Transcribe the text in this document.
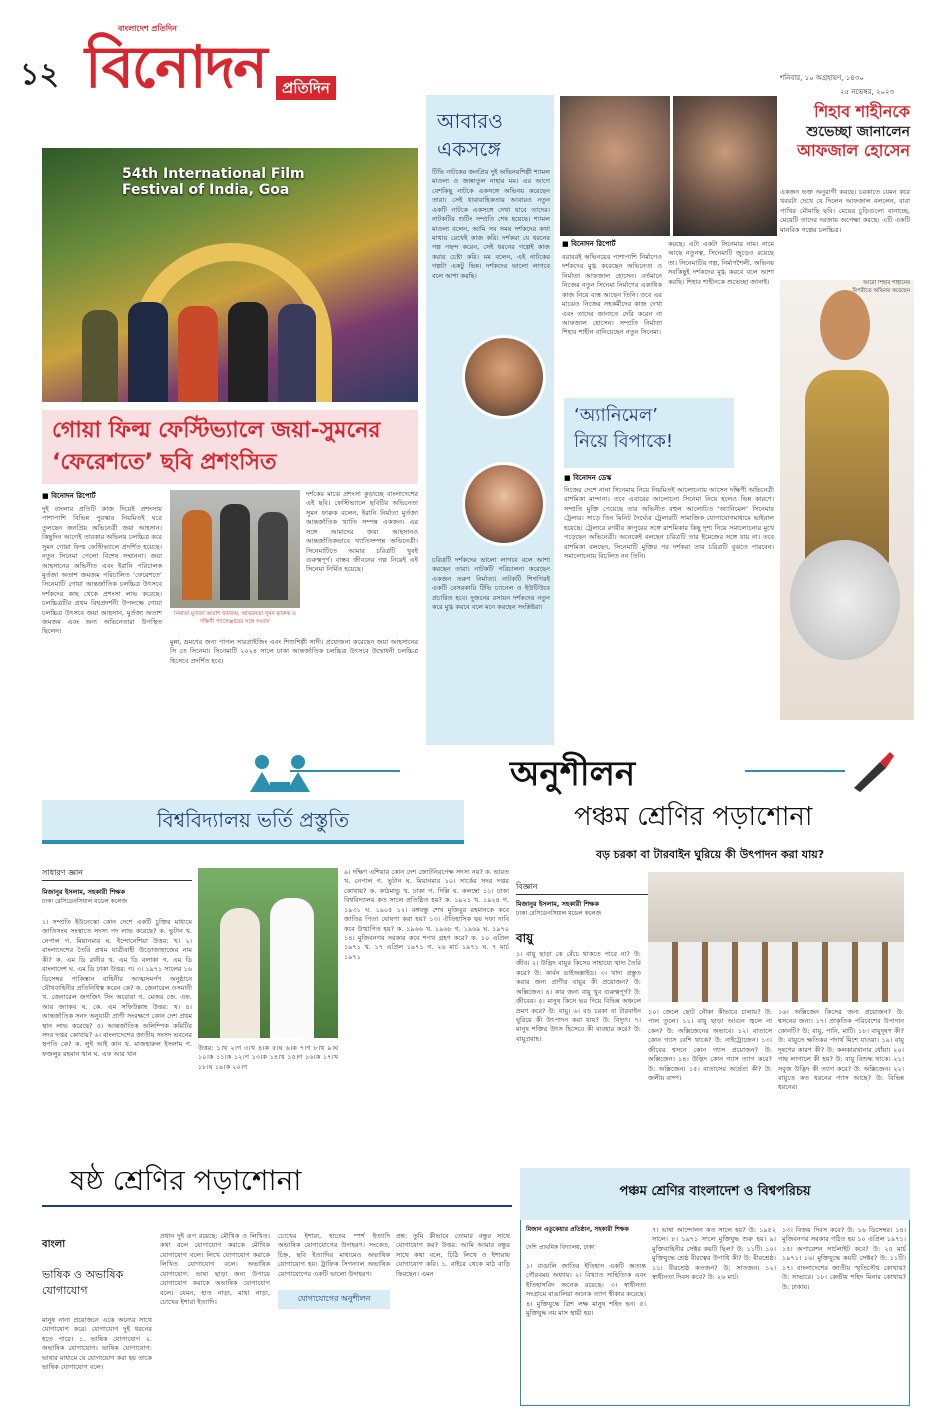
১২
বাংলাদেশ প্রতিদিন
বিনোদন	প্রতিদিন
শনিবার, ১০ অগ্রহায়ণ, ১৪৩০
২৫ নভেম্বর, ২০২৩
54th International Film Festival of India, Goa
গোয়া ফিল্ম ফেস্টিভ্যালে জয়া-সুমনের
‘ফেরেশতে’ ছবি প্রশংসিত
■ বিনোদন রিপোর্ট
দুই বাংলার প্রতিটি কাজ দিয়েই প্রশংসায় পাশাপাশি বিভিন্ন পুরস্কার নিয়মিতই ঘরে তুলছেন জনপ্রিয় অভিনেত্রী জয়া আহসান। কিছুদিন আগেই তারকার অভিনয় চলচ্চিত্র করে সুমন গোয়া ফিল্ম ফেস্টিভ্যালে প্রদর্শিত হয়েছে। নতুন সিনেমা পেলো বিশেষ সম্মাননা। জয়া আহসানের অভিনীত এবং ইরানি পরিচালক মুর্তজা অতাশ জমজম পরিচালিত ‘ফেরেশতে’ সিনেমাটি গোয়া আন্তর্জাতিক চলচ্চিত্র উৎসবে দর্শকদের কাছ থেকে প্রশংসা লাভ করেছে। চলচ্চিত্রটির প্রথম বিশ্বপ্রদর্শনী উপলক্ষে গোয়া চলচ্চিত্র উৎসবে জয়া আহসান, মুর্তজা অতাশ জমজম এবং অন্য অভিনেতারা উপস্থিত ছিলেন।
নির্মাতা মুর্তজা অতাশ জমজম, অভিনেতা সুমন ফারুক ও দক্ষিণী প্যাসেঞ্জারের সঙ্গে সংবাদ
দর্শকের মাঝে প্রশংসা কুড়াচ্ছে বাংলাদেশের এই ছবি। ফেস্টিভ্যালে ছবিটির অভিনেতা সুমন ফারুক বলেন, ইরানি নির্মাতা মুর্তজা আন্তর্জাতিক খ্যাতি সম্পন্ন একজন। এর সঙ্গে আমাদের জয়া আহসানও আন্তর্জাতিকভাবে খ্যাতিসম্পন্ন অভিনেত্রী। সিনেমাটিতে আমার চরিত্রটি খুবই গুরুত্বপূর্ণ। বাস্তব জীবনের গল্প নিয়েই এই সিনেমা নির্মিত হয়েছে।
মুন্না, ভ্রমণের জন্য পাগল সারপ্রাইজিং এবং শিশুশিল্পী সাদী। প্রযোজনা করেছেন জয়া আহসানের সি তে সিনেমা। সিনেমাটি ২০২৪ সালে ঢাকা আন্তর্জাতিক চলচ্চিত্র উৎসবে উদ্বোধনী চলচ্চিত্র হিসেবে প্রদর্শিত হবে।
আবারও
একসঙ্গে
টিভি নাটকের জনপ্রিয় দুই অভিনয়শিল্পী শ্যামল মাওলা ও জান্নাতুল নাহার মম। এর আগে বেশকিছু নাটকে একসঙ্গে অভিনয় করেছেন তারা। সেই ধারাবাহিকতায় আবারও নতুন একটি নাটকে একসঙ্গে দেখা যাবে তাদের। নাটকটির শুটিং সম্প্রতি শেষ হয়েছে। শ্যামল মাওলা বলেন, আমি সব সময় দর্শকদের কথা মাথায় রেখেই কাজ করি। দর্শকরা যে ধরনের গল্প পছন্দ করেন, সেই ধরনের গল্পেই কাজ করার চেষ্টা করি। মম বলেন, এই নাটকের গল্পটা একটু ভিন্ন। দর্শকদের ভালো লাগবে বলে আশা করছি।
চরিত্রটি দর্শকদের ভালো লাগবে বলে আশা করছেন তারা। নাটকটি পরিচালনা করেছেন একজন তরুণ নির্মাতা। নাটকটি শিগগিরই একটি বেসরকারি টিভি চ্যানেল ও ইউটিউবে প্রচারিত হবে। দুজনের রসায়ন দর্শকদের নতুন করে মুগ্ধ করবে বলে মনে করছেন সংশ্লিষ্টরা।
শিহাব শাহীনকে
শুভেচ্ছা জানালেন
আফজাল হোসেন
■ বিনোদন রিপোর্ট
বরাবরই অভিনয়ের পাশাপাশি নির্মাণেও দর্শকদের মুগ্ধ করেছেন অভিনেতা ও নির্মাতা আফজাল হোসেন। বর্তমানে নিজের নতুন সিনেমা নির্মাণের একাধিক কাজ নিয়ে ব্যস্ত আছেন তিনি। তবে এর মাঝেও নিজের সহকর্মীদের কাজ দেখা এবং তাদের জানাতে দেরি করেন না আফজাল হোসেন। সম্প্রতি নির্মাতা শিহাব শাহীন বানিয়েছেন নতুন সিনেমা।
করছে। এটা একটা সিনেমার নাম। নামে আছে নতুনত্ব, সিনেমাটি জুড়েও রয়েছে তা। সিনেমাটির গল্প, নির্মাণশৈলী, অভিনয় সবকিছুই দর্শকদের মুগ্ধ করবে বলে আশা করছি। শিহাব শাহীনকে শুভেচ্ছা জানাই।
একজন ভক্ত অনুরাগী করছে। চরকাতে যেমন করে খবরটা দেখে যে দিলেন আফজাল বললেন, বাবা পাখির মৌমাছি ছবি। মেয়ের চুড়িগুলো বানাচ্ছে, মেয়েটি তাদের দরজায় অপেক্ষা করছে। এটি একটি মানবিক গল্পের চলচ্চিত্র।
আরো শিহাব শাহীনের বিপরীতে অভিনয় করেছেন
‘অ্যানিমেল’
নিয়ে বিপাকে!
■ বিনোদন ডেস্ক
নিজের দেশে নানা সিনেমায় নিয়ে নিয়মিতই আলোচনায় আসেন দক্ষিণী অভিনেত্রী রাশমিকা মান্দানা। তবে এবারের আলোচনা সিনেমা নিয়ে হলেও ভিন্ন কারণে। সম্প্রতি মুক্তি পেয়েছে তার অভিনীত বহুল আলোচিত ‘অ্যানিমেল’ সিনেমার ট্রেলার। সাড়ে তিন মিনিট দৈর্ঘ্যের ট্রেলারটি সামাজিক যোগাযোগমাধ্যমে ভাইরাল হয়েছে। ট্রেলারে রণবীর কাপুরের সঙ্গে রাশমিকার কিছু দৃশ্য নিয়ে সমালোচনার মুখে পড়েছেন অভিনেত্রী। অনেকেই বলছেন চরিত্রটি তার ইমেজের সঙ্গে যায় না। তবে রাশমিকা বলছেন, সিনেমাটি মুক্তির পর দর্শকরা তার চরিত্রটি বুঝতে পারবেন। সমালোচনায় বিচলিত নন তিনি।
অনুশীলন
বিশ্ববিদ্যালয় ভর্তি প্রস্তুতি
সাধারণ জ্ঞান
মিজানুর ইসলাম, সহকারী শিক্ষক
ঢাকা রেসিডেনসিয়াল মডেল কলেজ
১। সম্প্রতি ইউনেস্কো কোন দেশে একটি চুক্তির মাধ্যমে জাতিসংঘ সংস্থাতে সদস্য পদ লাভ করেছে? ক. ভুটান খ. নেপাল গ. মিয়ানমার ঘ. ইন্দোনেশিয়া উত্তর: খ। ২। বাংলাদেশের তৈরি প্রথম যাত্রীবাহী উড়োজাহাজের নাম কী? ক. এম ডি রানীর খ. এম ডি বলাকা গ. এম ডি বাংলাদেশ ঘ. এম ডি ঢাকা উত্তর: গ। ৩। ১৯৭১ সালের ১৬ ডিসেম্বর পাকিস্তান বাহিনীর আত্মসমর্পণ অনুষ্ঠানে যৌথবাহিনীর প্রতিনিধিত্ব করেন কে? ক. জেনারেল ওসমানী খ. জেনারেল জগজিৎ সিং অরোরা গ. মেজর জে. এফ. আর জ্যাকব ঘ. কে. এম সফিউল্লাহ উত্তর: খ। ৪। আন্তর্জাতিক সনদ অনুযায়ী প্রাণী সংরক্ষণে কোন দেশ প্রথম স্থান লাভ করেছে? ৫। আন্তর্জাতিক অলিম্পিক কমিটির সদর দপ্তর কোথায়? ৬। বাংলাদেশের জাতীয় সংসদ ভবনের স্থপতি কে? ক. লুই আই কান খ. মাজহারুল ইসলাম গ. ফজলুর রহমান খান ঘ. এফ আর খান
৯। দক্ষিণ এশিয়ার কোন দেশ জোটনিরপেক্ষ সদস্য নয়? ক. ভারত খ. নেপাল গ. ভুটান ঘ. মিয়ানমার ১০। সার্কের সদর দপ্তর কোথায়? ক. কাঠমান্ডু খ. ঢাকা গ. দিল্লি ঘ. কলম্বো ১১। ঢাকা বিশ্ববিদ্যালয় কত সালে প্রতিষ্ঠিত হয়? ক. ১৯২১ খ. ১৯২৪ গ. ১৯৩১ ঘ. ১৯০৫ ১২। বঙ্গবন্ধু শেখ মুজিবুর রহমানকে কবে জাতির পিতা ঘোষণা করা হয়? ১৩। ঐতিহাসিক ছয় দফা দাবি কবে উত্থাপিত হয়? ক. ১৯৬৬ খ. ১৯৬৮ গ. ১৯৬৯ ঘ. ১৯৭০ ১৪। মুজিবনগর সরকার কবে শপথ গ্রহণ করে? ক. ১০ এপ্রিল ১৯৭১ খ. ১৭ এপ্রিল ১৯৭১ গ. ২৬ মার্চ ১৯৭১ ঘ. ৭ মার্চ ১৯৭১
উত্তর: ১।খ ২।গ ৩।খ ৪।ক ৫।ঘ ৬।ক ৭।গ ৮।খ ৯।ঘ ১০।ক ১১।ক ১২।গ ১৩।ক ১৪।খ ১৫।গ ১৬।ক ১৭।খ ১৮।ঘ ১৯।ক ২০।গ
পঞ্চম শ্রেণির পড়াশোনা
বড় চরকা বা টারবাইন ঘুরিয়ে কী উৎপাদন করা যায়?
বিজ্ঞান
মিজানুর ইসলাম, সহকারী শিক্ষক
ঢাকা রেসিডেনসিয়াল মডেল কলেজ
বায়ু
১। বায়ু ছাড়া কে বেঁচে থাকতে পারে না? উ: জীব। ২। উদ্ভিদ বায়ুর কিসের সাহায্যে খাদ্য তৈরি করে? উ: কার্বন ডাইঅক্সাইড। ৩। খাদ্য প্রস্তুত করার জন্য প্রাণীর বায়ুর কী প্রয়োজন? উ: অক্সিজেন। ৪। কার জন্য বায়ু খুব গুরুত্বপূর্ণ? উ: জীবের। ৫। মানুষ কিসে ভর দিয়ে বিভিন্ন অঞ্চলে ভ্রমণ করে? উ: বায়ু। ৬। বড় চরকা বা টারবাইন ঘুরিয়ে কী উৎপাদন করা যায়? উ: বিদ্যুৎ। ৭। মানুষ শক্তির উৎস হিসেবে কী ব্যবহার করে? উ: বায়ুপ্রবাহ।
১০। জেলে ছোট নৌকা কীভাবে চালায়? উ: পাল তুলে। ১১। বায়ু ছাড়া আগুন জ্বলে না কেন? উ: অক্সিজেনের অভাবে। ১২। বাতাসে কোন গ্যাস বেশি থাকে? উ: নাইট্রোজেন। ১৩। জীবের শ্বসনে কোন গ্যাস প্রয়োজন? উ: অক্সিজেন। ১৪। উদ্ভিদ কোন গ্যাস ত্যাগ করে? উ: অক্সিজেন। ১৫। বাতাসের আর্দ্রতা কী? উ: জলীয় বাষ্প।
১৬। অক্সিজেন কিসের জন্য প্রয়োজন? উ: শ্বসনের জন্য। ১৭। প্রাকৃতিক পরিবেশের উপাদান কোনটি? উ: বায়ু, পানি, মাটি। ১৮। বায়ুদূষণ কী? উ: বায়ুতে ক্ষতিকর পদার্থ মিশে যাওয়া। ১৯। বায়ু দূষণের কারণ কী? উ: কলকারখানার ধোঁয়া। ২০। গাছ লাগালে কী হয়? উ: বায়ু বিশুদ্ধ থাকে। ২১। সবুজ উদ্ভিদ কী ত্যাগ করে? উ: অক্সিজেন। ২২। বায়ুতে কত ধরনের গ্যাস আছে? উ: বিভিন্ন ধরনের।
ষষ্ঠ শ্রেণির পড়াশোনা
বাংলা
ভাষিক ও অভাষিক
যোগাযোগ
মানুষ নানা প্রয়োজনে একে অন্যের সাথে যোগাযোগ করে। যোগাযোগ দুই ধরনের হতে পারে। ১. ভাষিক যোগাযোগ ২. অভাষিক যোগাযোগ। ভাষিক যোগাযোগ: ভাষার মাধ্যমে যে যোগাযোগ করা হয় তাকে ভাষিক যোগাযোগ বলে।
প্রধান দুই রূপ রয়েছে: মৌখিক ও লিখিত। কথা বলে যোগাযোগ করাকে মৌখিক যোগাযোগ বলে। লিখে যোগাযোগ করাকে লিখিত যোগাযোগ বলে। অভাষিক যোগাযোগ: ভাষা ছাড়া অন্য উপায়ে যোগাযোগ করাকে অভাষিক যোগাযোগ বলে। যেমন, হাত নাড়া, মাথা নাড়া, চোখের ইশারা ইত্যাদি।
চোখের ইশারা, হাতের স্পর্শ ইত্যাদি অভাষিক যোগাযোগের উদাহরণ। সংকেত, চিহ্ন, ছবি ইত্যাদির মাধ্যমেও অভাষিক যোগাযোগ হয়। ট্রাফিক সিগন্যাল অভাষিক যোগাযোগের একটি ভালো উদাহরণ।
যোগাযোগের অনুশীলন
প্রশ্ন: তুমি কীভাবে তোমার বন্ধুর সাথে যোগাযোগ কর? উত্তর: আমি আমার বন্ধুর সাথে কথা বলে, চিঠি লিখে ও ইশারায় যোগাযোগ করি। ১. বাইরে থেকে মাঠ বাড়ি ফিরছেন। এমন
পঞ্চম শ্রেণির বাংলাদেশ ও বিশ্বপরিচয়
মিজান এডুকেয়ার প্রতিষ্ঠান, সহকারী শিক্ষক
দেশি প্রাথমিক বিদ্যালয়, ঢাকা
১। বাঙালি জাতির ইতিহাস একটি অত্যন্ত গৌরবময় অধ্যায়। ২। বিখ্যাত সাহিত্যিক এবং ইতিহাসবিদ অনেক রয়েছে। ৩। স্বাধীনতা সংগ্রামে বাঙালিরা অনেক ত্যাগ স্বীকার করেছে। ৪। মুক্তিযুদ্ধে ত্রিশ লক্ষ মানুষ শহিদ হন। ৫। মুক্তিযুদ্ধ নয় মাস স্থায়ী হয়।
৭। ভাষা আন্দোলন কত সালে হয়? উ: ১৯৫২ সালে। ৮। ১৯৭১ সালে মুক্তিযুদ্ধ শুরু হয়। ৯। মুক্তিবাহিনীর সেক্টর কয়টি ছিল? উ: ১১টি। ১০। মুক্তিযুদ্ধে শ্রেষ্ঠ বীরত্বের উপাধি কী? উ: বীরশ্রেষ্ঠ। ১১। বীরশ্রেষ্ঠ কতজন? উ: সাতজন। ১২। স্বাধীনতা দিবস কবে? উ: ২৬ মার্চ।
১৩। বিজয় দিবস কবে? উ: ১৬ ডিসেম্বর। ১৪। মুজিবনগর সরকার গঠিত হয় ১০ এপ্রিল ১৯৭১। ১৫। অপারেশন সার্চলাইট কবে? উ: ২৫ মার্চ ১৯৭১। ১৬। মুক্তিযুদ্ধে কয়টি সেক্টর? উ: ১১টি। ১৭। বাংলাদেশের জাতীয় স্মৃতিসৌধ কোথায়? উ: সাভারে। ১৮। কেন্দ্রীয় শহিদ মিনার কোথায়? উ: ঢাকায়।
